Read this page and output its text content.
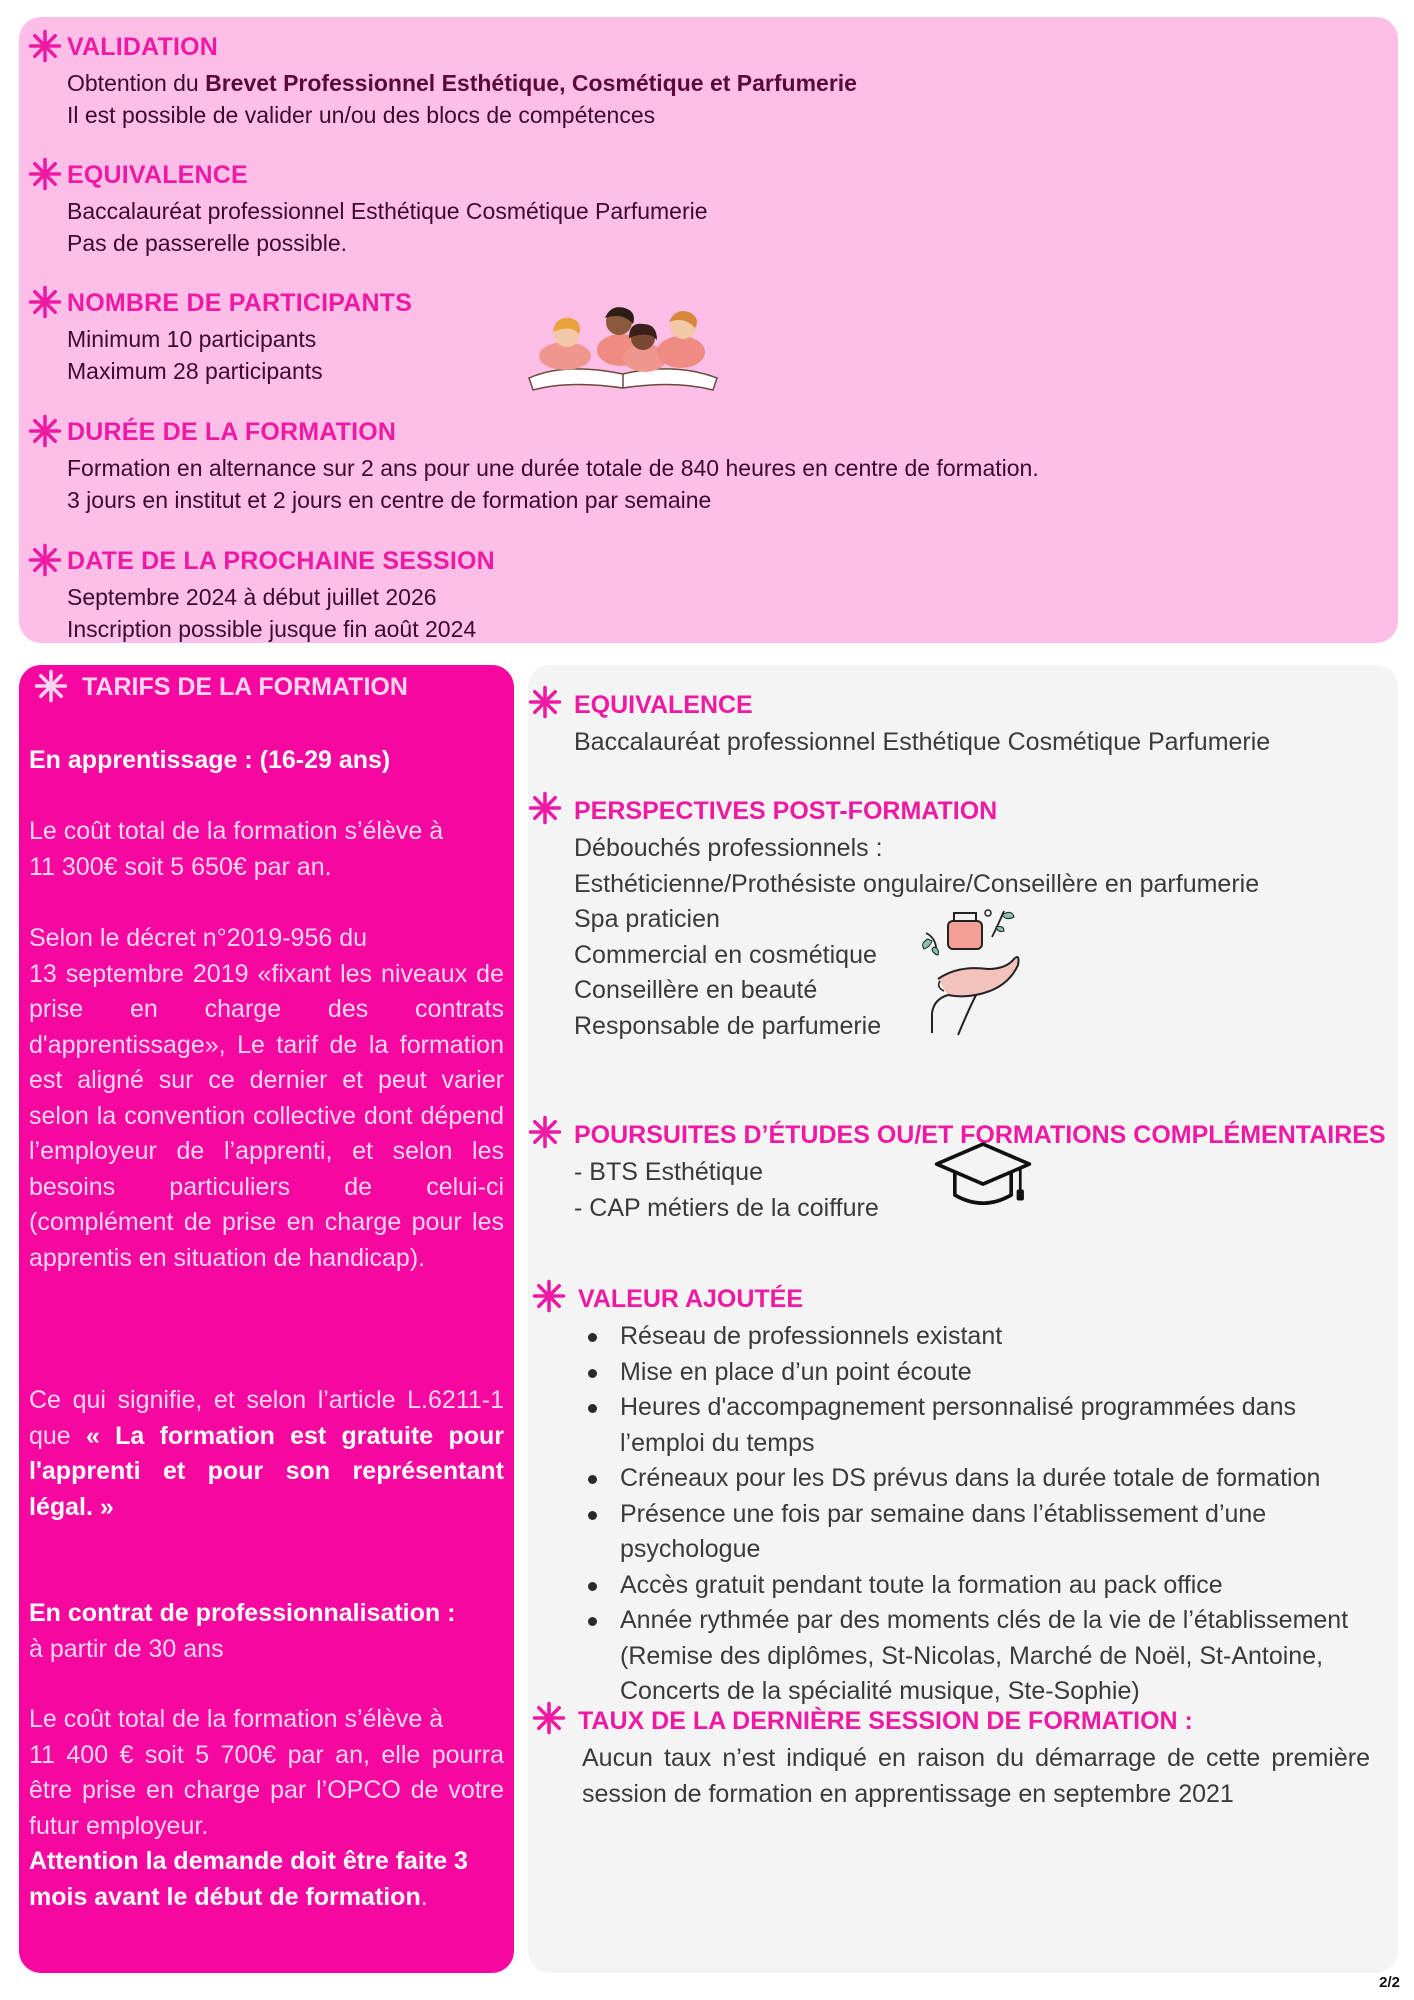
VALIDATION
Obtention du Brevet Professionnel Esthétique, Cosmétique et Parfumerie
Il est possible de valider un/ou des blocs de compétences
EQUIVALENCE
Baccalauréat professionnel Esthétique Cosmétique Parfumerie
Pas de passerelle possible.
NOMBRE DE PARTICIPANTS
Minimum 10 participants
Maximum 28 participants
DURÉE DE LA FORMATION
Formation en alternance sur 2 ans pour une durée totale de 840 heures en centre de formation.
3 jours en institut et 2 jours en centre de formation par semaine
DATE DE LA PROCHAINE SESSION
Septembre 2024 à début juillet 2026
Inscription possible jusque fin août 2024
TARIFS DE LA FORMATION
En apprentissage : (16-29 ans)
Le coût total de la formation s’élève à
11 300€ soit 5 650€ par an.
Selon le décret n°2019-956 du
13 septembre 2019 «fixant les niveaux de prise en charge des contrats d'apprentissage», Le tarif de la formation est aligné sur ce dernier et peut varier selon la convention collective dont dépend l’employeur de l’apprenti, et selon les besoins particuliers de celui-ci (complément de prise en charge pour les apprentis en situation de handicap).
Ce qui signifie, et selon l’article L.6211-1 que « La formation est gratuite pour l'apprenti et pour son représentant légal. »
En contrat de professionnalisation :
à partir de 30 ans
Le coût total de la formation s’élève à
11 400 € soit 5 700€ par an, elle pourra être prise en charge par l’OPCO de votre futur employeur.
Attention la demande doit être faite 3 mois avant le début de formation.
EQUIVALENCE
Baccalauréat professionnel Esthétique Cosmétique Parfumerie
PERSPECTIVES POST-FORMATION
Débouchés professionnels :
Esthéticienne/Prothésiste ongulaire/Conseillère en parfumerie
Spa praticien
Commercial en cosmétique
Conseillère en beauté
Responsable de parfumerie
POURSUITES D’ÉTUDES OU/ET FORMATIONS COMPLÉMENTAIRES
- BTS Esthétique
- CAP métiers de la coiffure
VALEUR AJOUTÉE
Réseau de professionnels existant
Mise en place d’un point écoute
Heures d'accompagnement personnalisé programmées dans l’emploi du temps
Créneaux pour les DS prévus dans la durée totale de formation
Présence une fois par semaine dans l’établissement d’une psychologue
Accès gratuit pendant toute la formation au pack office
Année rythmée par des moments clés de la vie de l’établissement (Remise des diplômes, St-Nicolas, Marché de Noël, St-Antoine, Concerts de la spécialité musique, Ste-Sophie)
TAUX DE LA DERNIÈRE SESSION DE FORMATION :
Aucun taux n’est indiqué en raison du démarrage de cette première session de formation en apprentissage en septembre 2021
2/2
